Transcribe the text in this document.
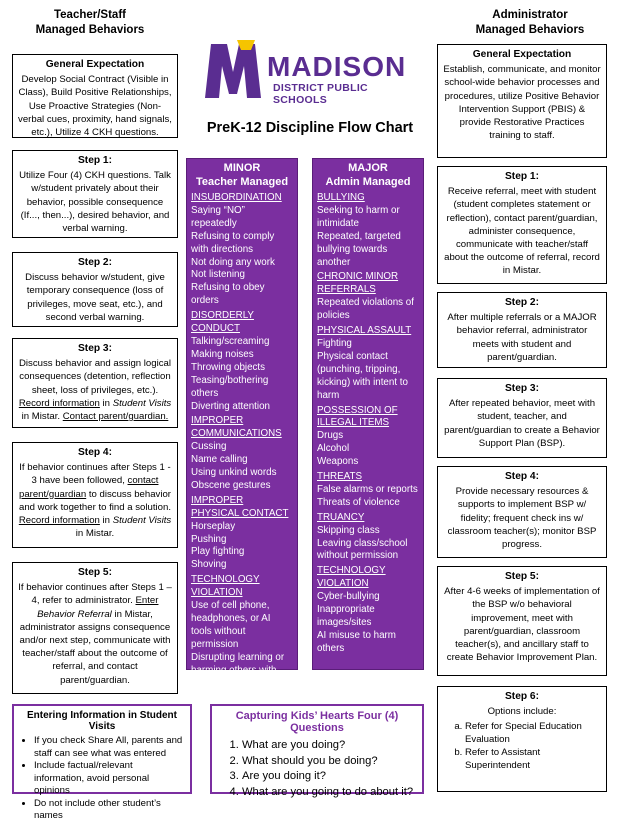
Teacher/Staff
Managed Behaviors
Administrator
Managed Behaviors
MADISON
DISTRICT PUBLIC SCHOOLS
PreK-12 Discipline Flow Chart
General Expectation
Develop Social Contract (Visible in Class), Build Positive Relationships, Use Proactive Strategies (Non-verbal cues, proximity, hand signals, etc.), Utilize 4 CKH questions.
Step 1:
Utilize Four (4) CKH questions. Talk w/student privately about their behavior, possible consequence (If..., then...), desired behavior, and verbal warning.
Step 2:
Discuss behavior w/student, give temporary consequence (loss of privileges, move seat, etc.), and second verbal warning.
Step 3:
Discuss behavior and assign logical consequences (detention, reflection sheet, loss of privileges, etc.). Record information in Student Visits in Mistar. Contact parent/guardian.
Step 4:
If behavior continues after Steps 1 - 3 have been followed, contact parent/guardian to discuss behavior and work together to find a solution. Record information in Student Visits in Mistar.
Step 5:
If behavior continues after Steps 1 – 4, refer to administrator. Enter Behavior Referral in Mistar, administrator assigns consequence and/or next step, communicate with teacher/staff about the outcome of referral, and contact parent/guardian.
MINOR
Teacher Managed
INSUBORDINATION
Saying “NO” repeatedly
Refusing to comply with directions
Not doing any work
Not listening
Refusing to obey orders
DISORDERLY CONDUCT
Talking/screaming
Making noises
Throwing objects
Teasing/bothering others
Diverting attention
IMPROPER COMMUNICATIONS
Cussing
Name calling
Using unkind words
Obscene gestures
IMPROPER PHYSICAL CONTACT
Horseplay
Pushing
Play fighting
Shoving
TECHNOLOGY VIOLATION
Use of cell phone, headphones, or AI tools without permission
Disrupting learning or harming others with technology
MAJOR
Admin Managed
BULLYING
Seeking to harm or intimidate
Repeated, targeted bullying towards another
CHRONIC MINOR REFERRALS
Repeated violations of policies
PHYSICAL ASSAULT
Fighting
Physical contact (punching, tripping, kicking) with intent to harm
POSSESSION OF ILLEGAL ITEMS
Drugs
Alcohol
Weapons
THREATS
False alarms or reports
Threats of violence
TRUANCY
Skipping class
Leaving class/school without permission
TECHNOLOGY VIOLATION
Cyber-bullying
Inappropriate images/sites
AI misuse to harm others
General Expectation
Establish, communicate, and monitor school-wide behavior processes and procedures, utilize Positive Behavior Intervention Support (PBIS) & provide Restorative Practices training to staff.
Step 1:
Receive referral, meet with student (student completes statement or reflection), contact parent/guardian, administer consequence, communicate with teacher/staff about the outcome of referral, record in Mistar.
Step 2:
After multiple referrals or a MAJOR behavior referral, administrator meets with student and parent/guardian.
Step 3:
After repeated behavior, meet with student, teacher, and parent/guardian to create a Behavior Support Plan (BSP).
Step 4:
Provide necessary resources & supports to implement BSP w/ fidelity; frequent check ins w/ classroom teacher(s); monitor BSP progress.
Step 5:
After 4-6 weeks of implementation of the BSP w/o behavioral improvement, meet with parent/guardian, classroom teacher(s), and ancillary staff to create Behavior Improvement Plan.
Step 6:
Options include:
a. Refer for Special Education Evaluation
b. Refer to Assistant Superintendent
Entering Information in Student Visits
• If you check Share All, parents and staff can see what was entered
• Include factual/relevant information, avoid personal opinions
• Do not include other student’s names
Capturing Kids’ Hearts Four (4) Questions
1. What are you doing?
2. What should you be doing?
3. Are you doing it?
4. What are you going to do about it?
